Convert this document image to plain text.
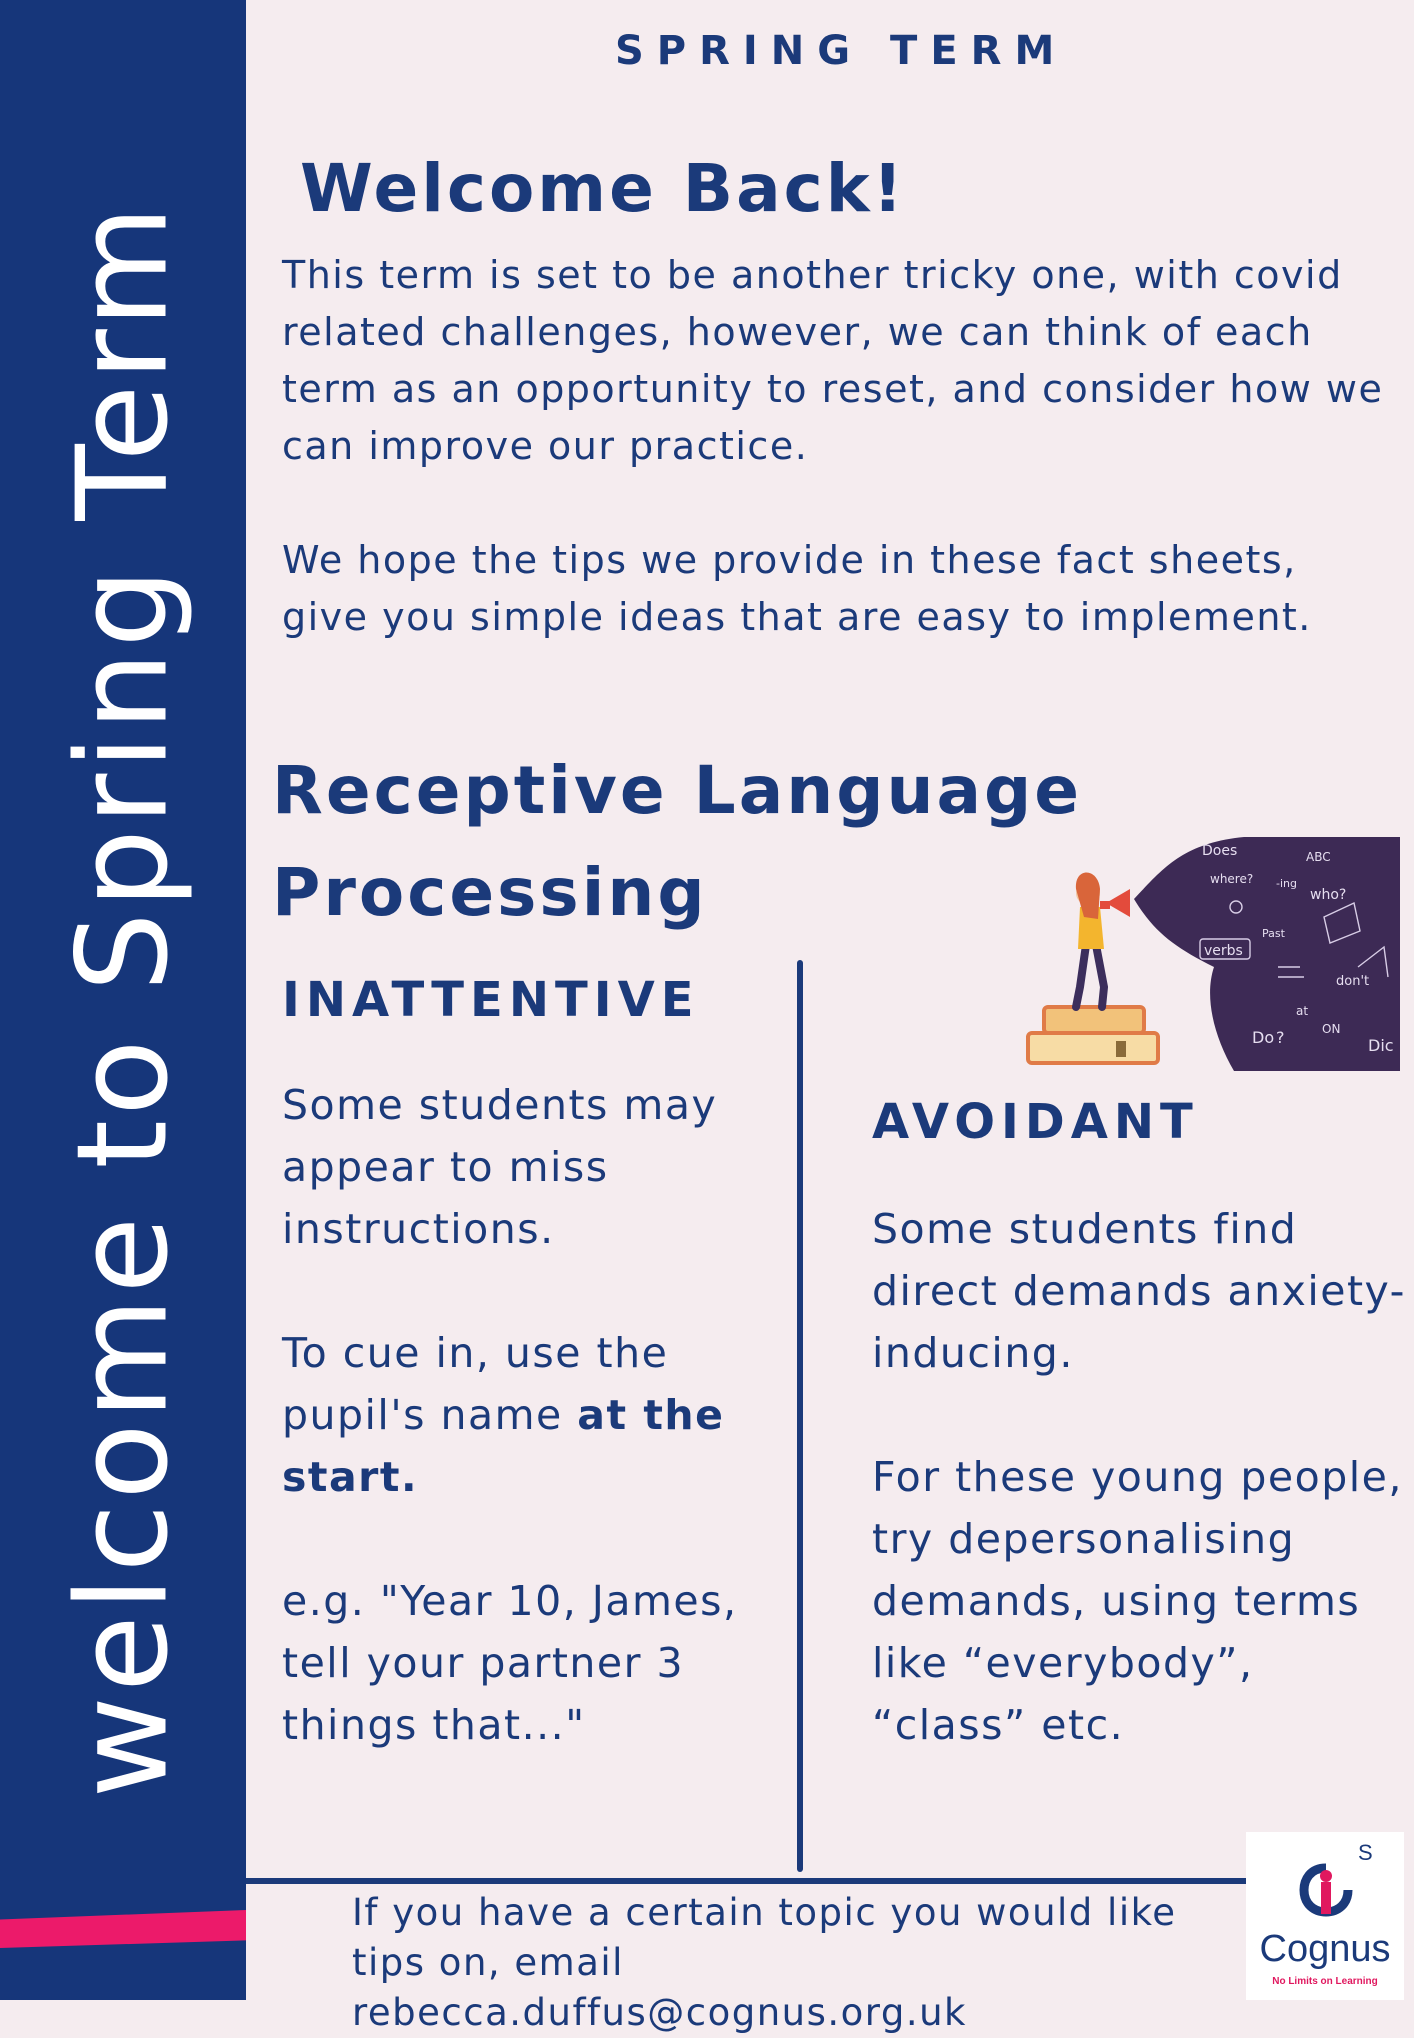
welcome to Spring Term
SPRING TERM
Welcome Back!

This term is set to be another tricky one, with covid related challenges, however, we can think of each term as an opportunity to reset, and consider how we can improve our practice.

We hope the tips we provide in these fact sheets, give you simple ideas that are easy to implement.

Receptive Language
Processing
Does	ABC
where? -ing
who?
Past
verbs
don't
Do ?
at
ON
Dic
INATTENTIVE

Some students may appear to miss instructions.

To cue in, use the pupil's name at the start.

e.g. "Year 10, James, tell your partner 3 things that..."

AVOIDANT

Some students find direct demands anxiety-inducing.

For these young people, try depersonalising demands, using terms like “everybody”, “class” etc.

If you have a certain topic you would like tips on, email rebecca.duffus@cognus.org.uk
Cognus
No Limits on Learning
S
